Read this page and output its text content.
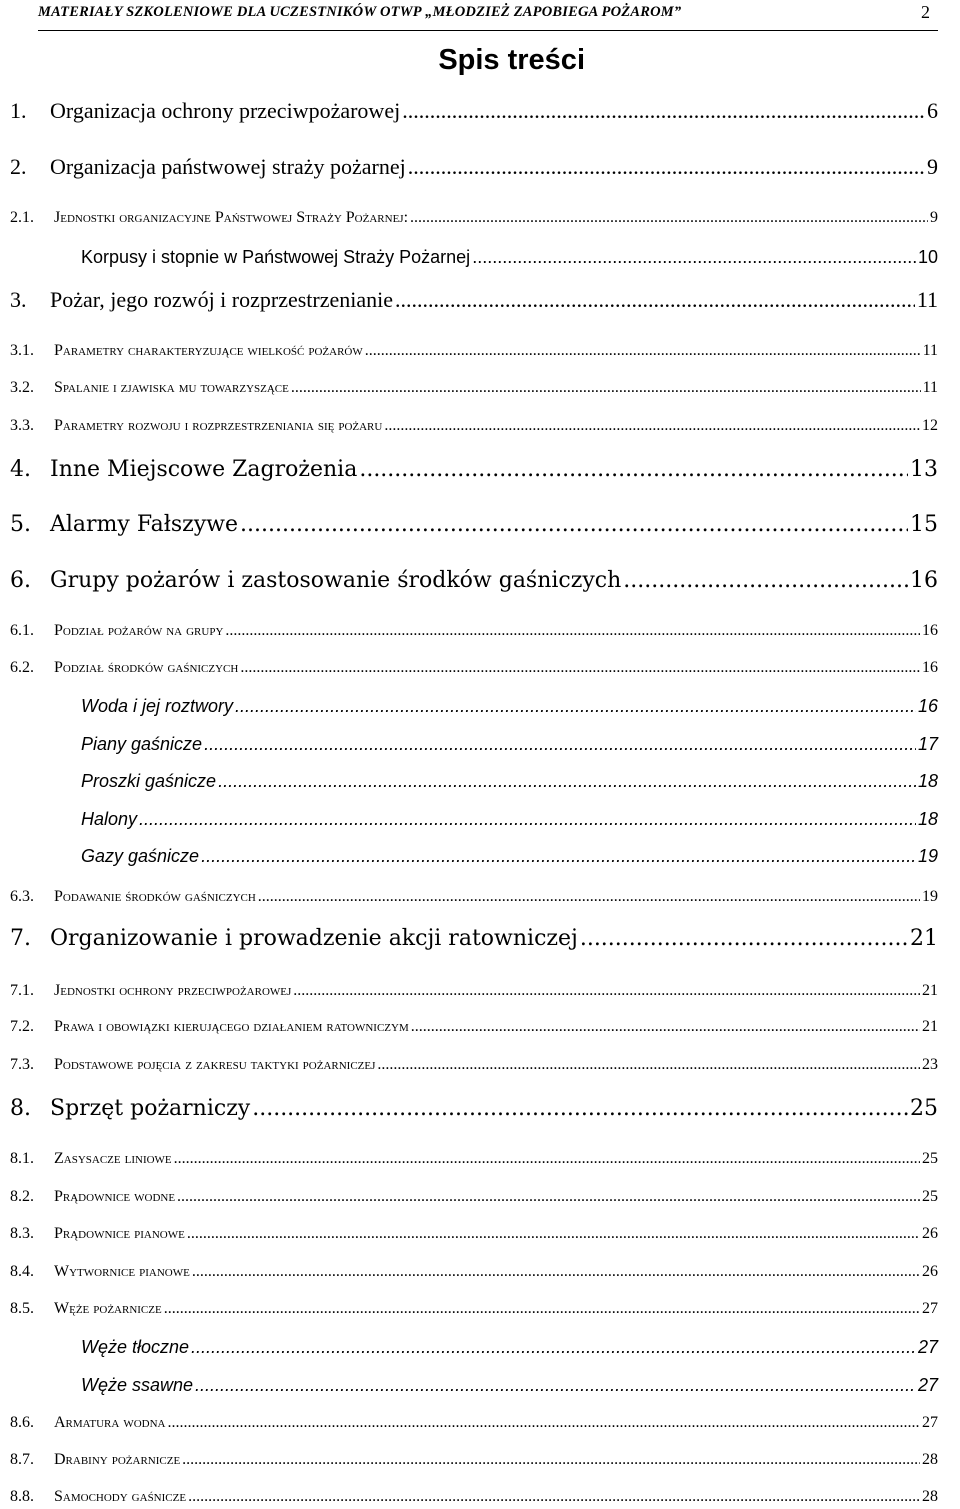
MATERIAŁY SZKOLENIOWE DLA UCZESTNIKÓW OTWP „MŁODZIEŻ ZAPOBIEGA POŻAROM”	2
Spis treści
1.	Organizacja ochrony przeciwpożarowej .....	6
2.	Organizacja państwowej straży pożarnej .....	9
2.1.	Jednostki organizacyjne Państwowej Straży Pożarnej: .....	9
Korpusy i stopnie w Państwowej Straży Pożarnej .....	10
3.	Pożar, jego rozwój i rozprzestrzenianie .....	11
3.1.	Parametry charakteryzujące wielkość pożarów .....	11
3.2.	Spalanie i zjawiska mu towarzyszące .....	11
3.3.	Parametry rozwoju i rozprzestrzeniania się pożaru .....	12
4. Inne Miejscowe Zagrożenia .....	13
5. Alarmy Fałszywe .....	15
6. Grupy pożarów i zastosowanie środków gaśniczych .....	16
6.1.	Podział pożarów na grupy .....	16
6.2.	Podział środków gaśniczych .....	16
Woda i jej roztwory .....	16
Piany gaśnicze .....	17
Proszki gaśnicze .....	18
Halony .....	18
Gazy gaśnicze .....	19
6.3.	Podawanie środków gaśniczych .....	19
7. Organizowanie i prowadzenie akcji ratowniczej .....	21
7.1.	Jednostki ochrony przeciwpożarowej .....	21
7.2.	Prawa i obowiązki kierującego działaniem ratowniczym .....	21
7.3.	Podstawowe pojęcia z zakresu taktyki pożarniczej .....	23
8. Sprzęt pożarniczy .....	25
8.1.	Zasysacze liniowe .....	25
8.2.	Prądownice wodne .....	25
8.3.	Prądownice pianowe .....	26
8.4.	Wytwornice pianowe .....	26
8.5.	Węże pożarnicze .....	27
Węże tłoczne .....	27
Węże ssawne .....	27
8.6.	Armatura wodna .....	27
8.7.	Drabiny pożarnicze .....	28
8.8.	Samochody gaśnicze .....	28
